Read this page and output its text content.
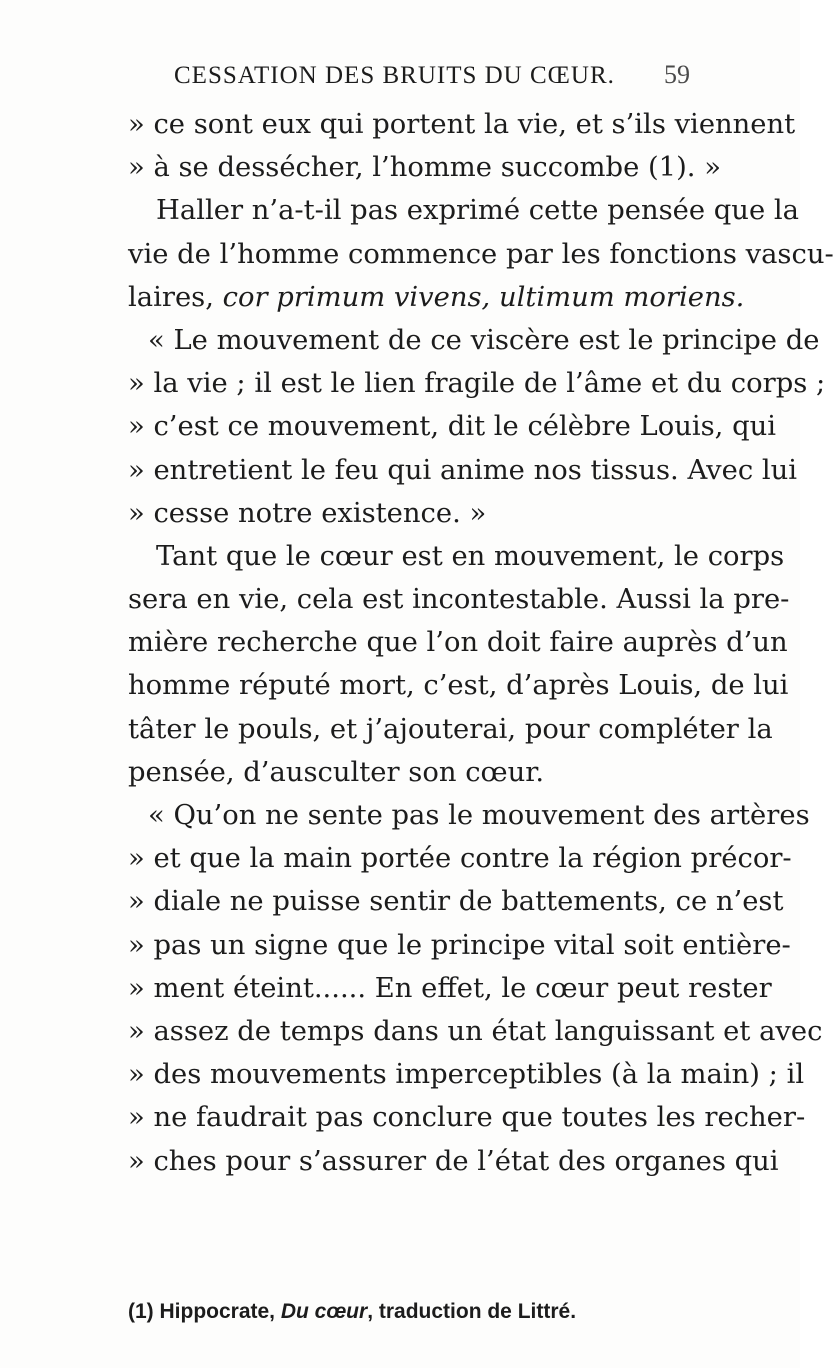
CESSATION DES BRUITS DU CŒUR. 59
» ce sont eux qui portent la vie, et s’ils viennent
» à se dessécher, l’homme succombe (1). »
Haller n’a-t-il pas exprimé cette pensée que la
vie de l’homme commence par les fonctions vascu-
laires, cor primum vivens, ultimum moriens.
« Le mouvement de ce viscère est le principe de
» la vie ; il est le lien fragile de l’âme et du corps ;
» c’est ce mouvement, dit le célèbre Louis, qui
» entretient le feu qui anime nos tissus. Avec lui
» cesse notre existence. »
Tant que le cœur est en mouvement, le corps
sera en vie, cela est incontestable. Aussi la pre-
mière recherche que l’on doit faire auprès d’un
homme réputé mort, c’est, d’après Louis, de lui
tâter le pouls, et j’ajouterai, pour compléter la
pensée, d’ausculter son cœur.
« Qu’on ne sente pas le mouvement des artères
» et que la main portée contre la région précor-
» diale ne puisse sentir de battements, ce n’est
» pas un signe que le principe vital soit entière-
» ment éteint...... En effet, le cœur peut rester
» assez de temps dans un état languissant et avec
» des mouvements imperceptibles (à la main) ; il
» ne faudrait pas conclure que toutes les recher-
» ches pour s’assurer de l’état des organes qui
(1) Hippocrate, Du cœur, traduction de Littré.
